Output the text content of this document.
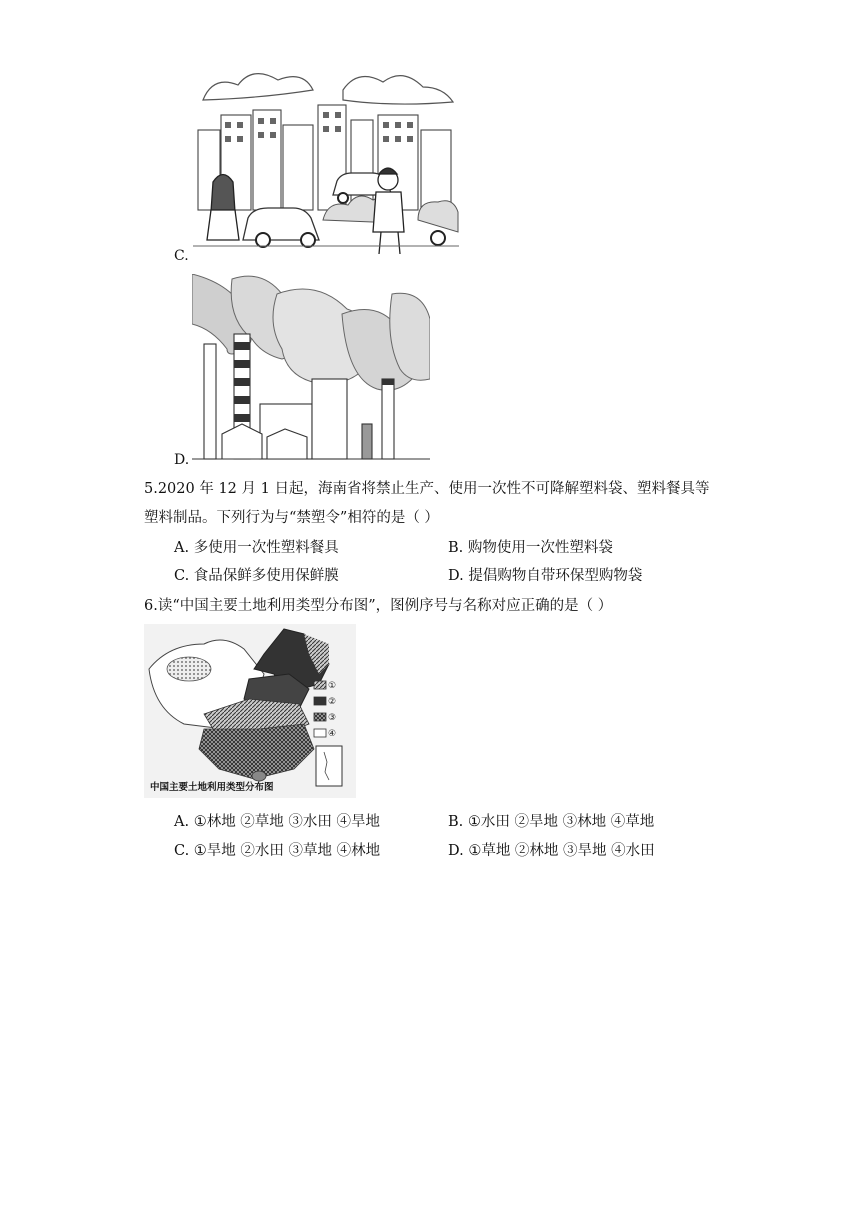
C.
D.
5.2020 年 12 月 1 日起，海南省将禁止生产、使用一次性不可降解塑料袋、塑料餐具等
塑料制品。下列行为与“禁塑令”相符的是（ ）
A. 多使用一次性塑料餐具	B. 购物使用一次性塑料袋
C. 食品保鲜多使用保鲜膜	D. 提倡购物自带环保型购物袋
6.读“中国主要土地利用类型分布图”，图例序号与名称对应正确的是（ ）
①
②
③
④
中国主要土地利用类型分布图
A. ①林地 ②草地 ③水田 ④旱地	B. ①水田 ②旱地 ③林地 ④草地
C. ①旱地 ②水田 ③草地 ④林地	D. ①草地 ②林地 ③旱地 ④水田
